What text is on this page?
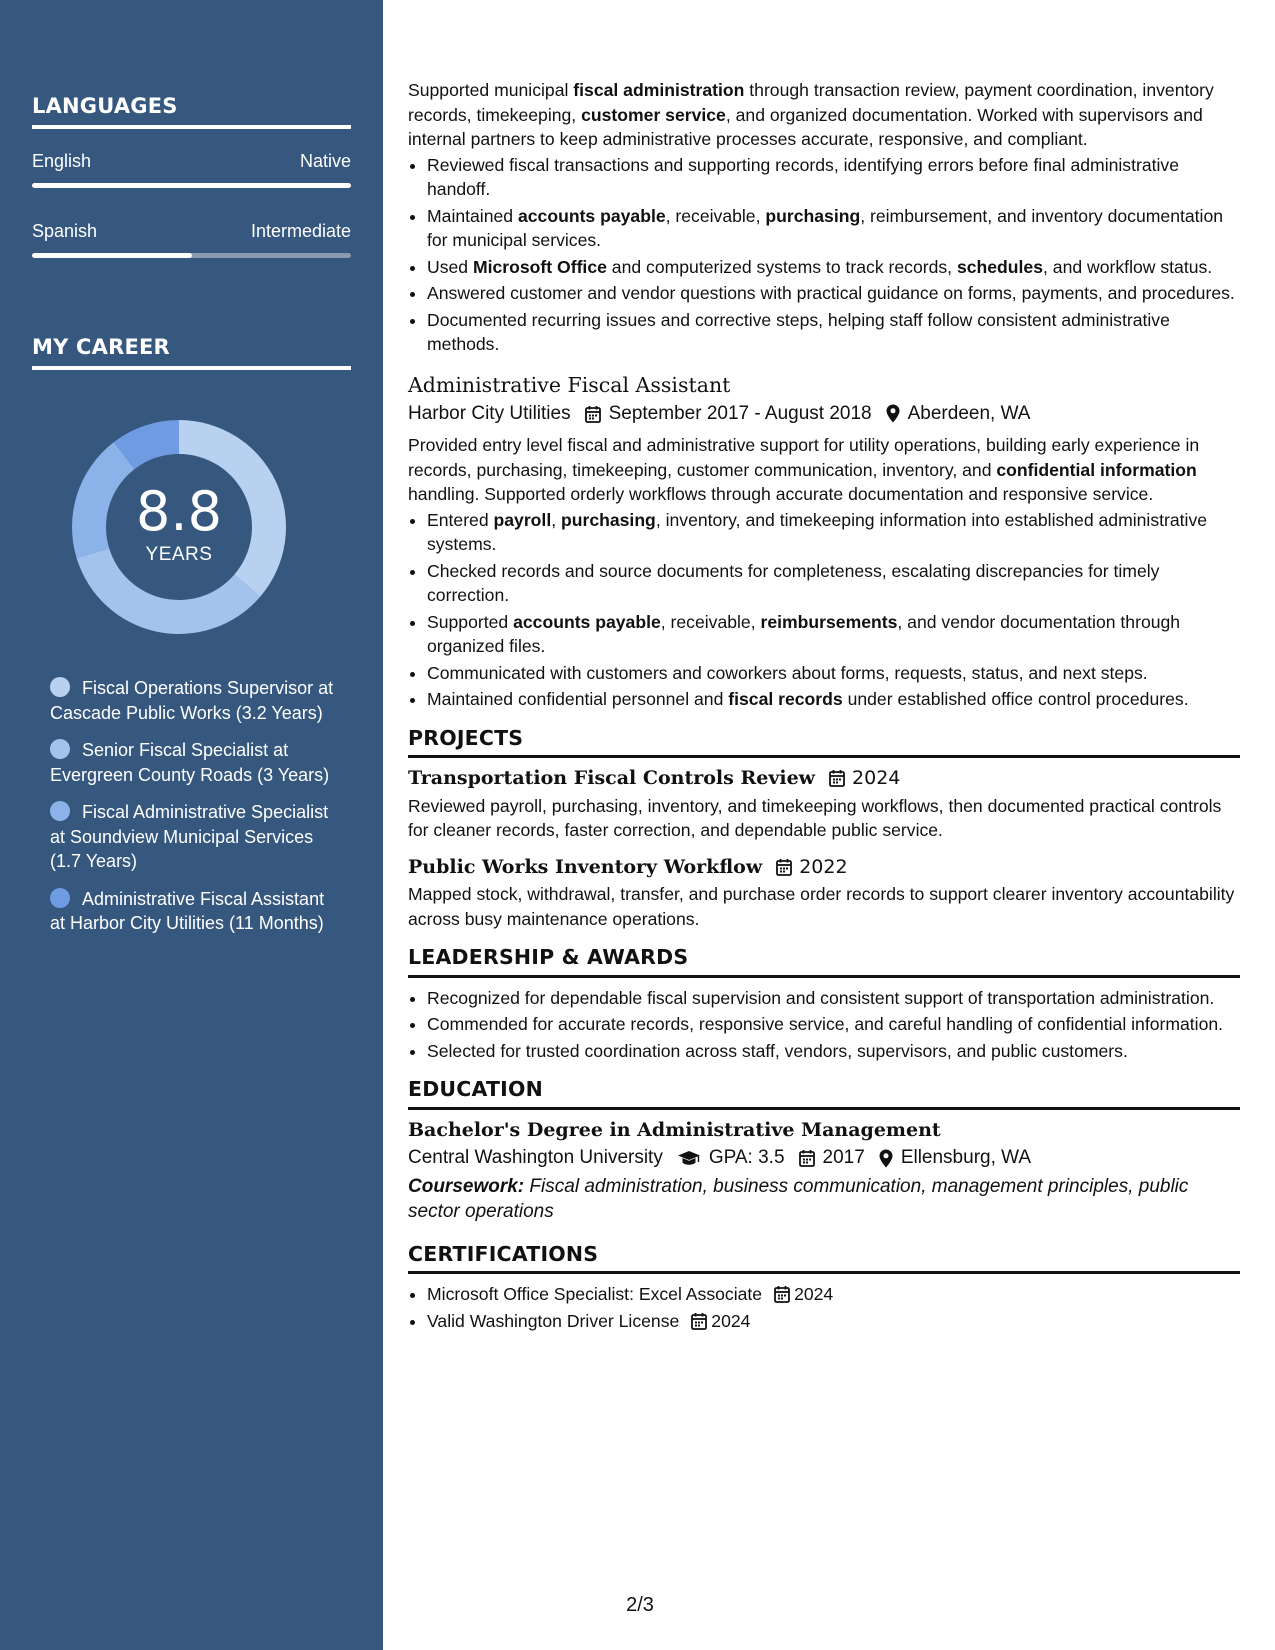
LANGUAGES
English	Native
Spanish	Intermediate
MY CAREER
8.8
YEARS
Fiscal Operations Supervisor at Cascade Public Works (3.2 Years)
Senior Fiscal Specialist at Evergreen County Roads (3 Years)
Fiscal Administrative Specialist at Soundview Municipal Services (1.7 Years)
Administrative Fiscal Assistant at Harbor City Utilities (11 Months)

Supported municipal fiscal administration through transaction review, payment coordination, inventory records, timekeeping, customer service, and organized documentation. Worked with supervisors and internal partners to keep administrative processes accurate, responsive, and compliant.

• Reviewed fiscal transactions and supporting records, identifying errors before final administrative handoff.
• Maintained accounts payable, receivable, purchasing, reimbursement, and inventory documentation for municipal services.
• Used Microsoft Office and computerized systems to track records, schedules, and workflow status.
• Answered customer and vendor questions with practical guidance on forms, payments, and procedures.
• Documented recurring issues and corrective steps, helping staff follow consistent administrative methods.
Administrative Fiscal Assistant
Harbor City Utilities September 2017 - August 2018 Aberdeen, WA

Provided entry level fiscal and administrative support for utility operations, building early experience in records, purchasing, timekeeping, customer communication, inventory, and confidential information handling. Supported orderly workflows through accurate documentation and responsive service.

• Entered payroll, purchasing, inventory, and timekeeping information into established administrative systems.
• Checked records and source documents for completeness, escalating discrepancies for timely correction.
• Supported accounts payable, receivable, reimbursements, and vendor documentation through organized files.
• Communicated with customers and coworkers about forms, requests, status, and next steps.
• Maintained confidential personnel and fiscal records under established office control procedures.
PROJECTS
Transportation Fiscal Controls Review 2024

Reviewed payroll, purchasing, inventory, and timekeeping workflows, then documented practical controls for cleaner records, faster correction, and dependable public service.

Public Works Inventory Workflow 2022

Mapped stock, withdrawal, transfer, and purchase order records to support clearer inventory accountability across busy maintenance operations.

LEADERSHIP & AWARDS
• Recognized for dependable fiscal supervision and consistent support of transportation administration.
• Commended for accurate records, responsive service, and careful handling of confidential information.
• Selected for trusted coordination across staff, vendors, supervisors, and public customers.
EDUCATION
Bachelor's Degree in Administrative Management
Central Washington University GPA: 3.5 2017 Ellensburg, WA

Coursework: Fiscal administration, business communication, management principles, public sector operations

CERTIFICATIONS
• Microsoft Office Specialist: Excel Associate 2024
• Valid Washington Driver License 2024
2/3
